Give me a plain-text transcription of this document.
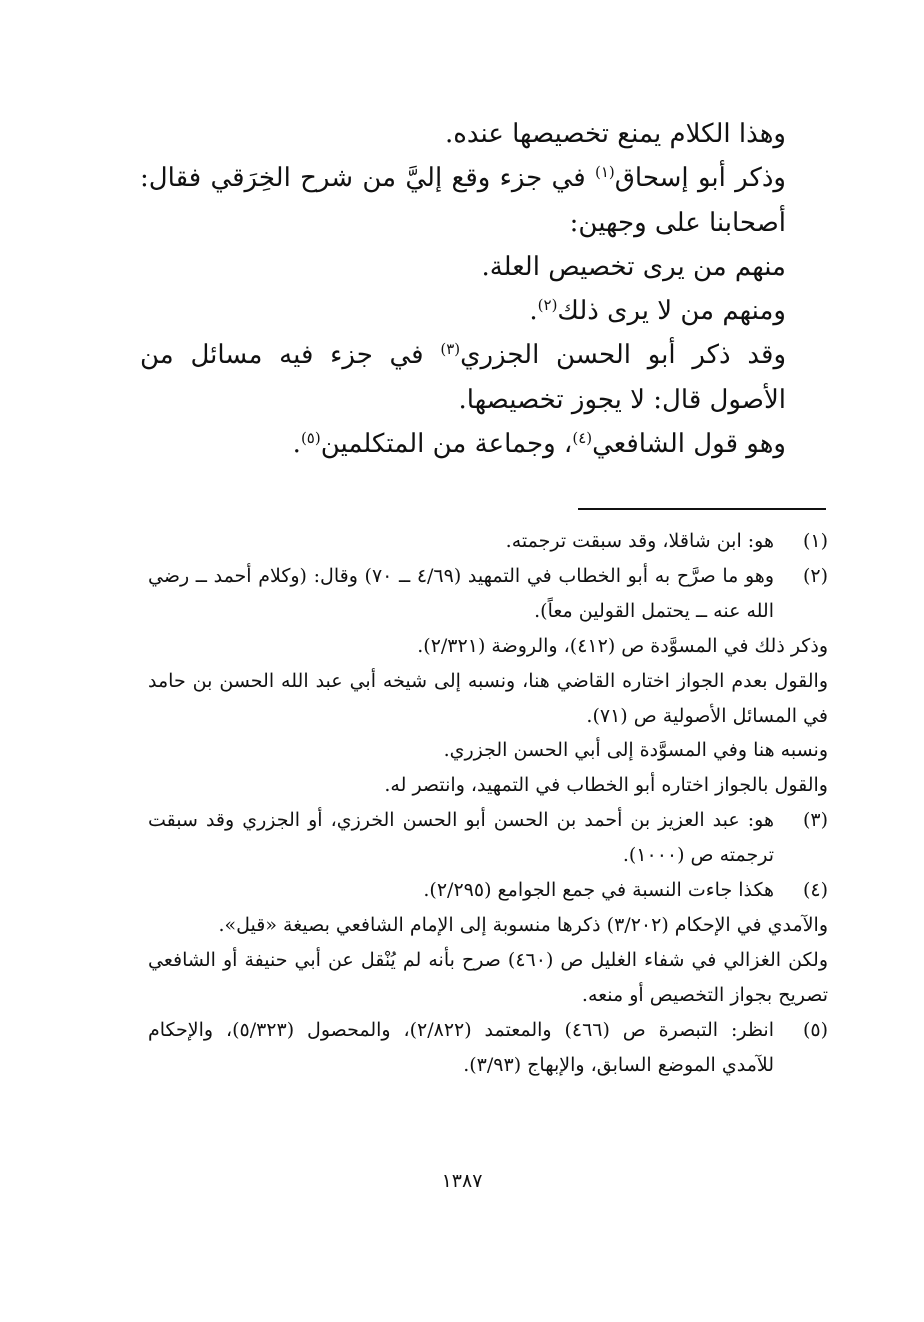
وهذا الكلام يمنع تخصيصها عنده.

وذكر أبو إسحاق$^{(١)}$ في جزء وقع إليَّ من شرح الخِرَقي فقال: أصحابنا على وجهين:

منهم من يرى تخصيص العلة.

ومنهم من لا يرى ذلك$^{(٢)}$.

وقد ذكر أبو الحسن الجزري$^{(٣)}$ في جزء فيه مسائل من الأصول قال: لا يجوز تخصيصها.

وهو قول الشافعي$^{(٤)}$، وجماعة من المتكلمين$^{(٥)}$.

(١)

هو: ابن شاقلا، وقد سبقت ترجمته.

(٢)

وهو ما صرَّح به أبو الخطاب في التمهيد (٤/٦٩ ــ ٧٠) وقال: (وكلام أحمد ــ رضي الله عنه ــ يحتمل القولين معاً).

وذكر ذلك في المسوَّدة ص (٤١٢)، والروضة (٢/٣٢١).

والقول بعدم الجواز اختاره القاضي هنا، ونسبه إلى شيخه أبي عبد الله الحسن بن حامد في المسائل الأصولية ص (٧١).

ونسبه هنا وفي المسوَّدة إلى أبي الحسن الجزري.

والقول بالجواز اختاره أبو الخطاب في التمهيد، وانتصر له.

(٣)

هو: عبد العزيز بن أحمد بن الحسن أبو الحسن الخرزي، أو الجزري وقد سبقت ترجمته ص (١٠٠٠).

(٤)

هكذا جاءت النسبة في جمع الجوامع (٢/٢٩٥).

والآمدي في الإحكام (٣/٢٠٢) ذكرها منسوبة إلى الإمام الشافعي بصيغة «قيل».

ولكن الغزالي في شفاء الغليل ص (٤٦٠) صرح بأنه لم يُنْقل عن أبي حنيفة أو الشافعي تصريح بجواز التخصيص أو منعه.

(٥)

انظر: التبصرة ص (٤٦٦) والمعتمد (٢/٨٢٢)، والمحصول (٥/٣٢٣)، والإحكام للآمدي الموضع السابق، والإبهاج (٣/٩٣).

١٣٨٧
